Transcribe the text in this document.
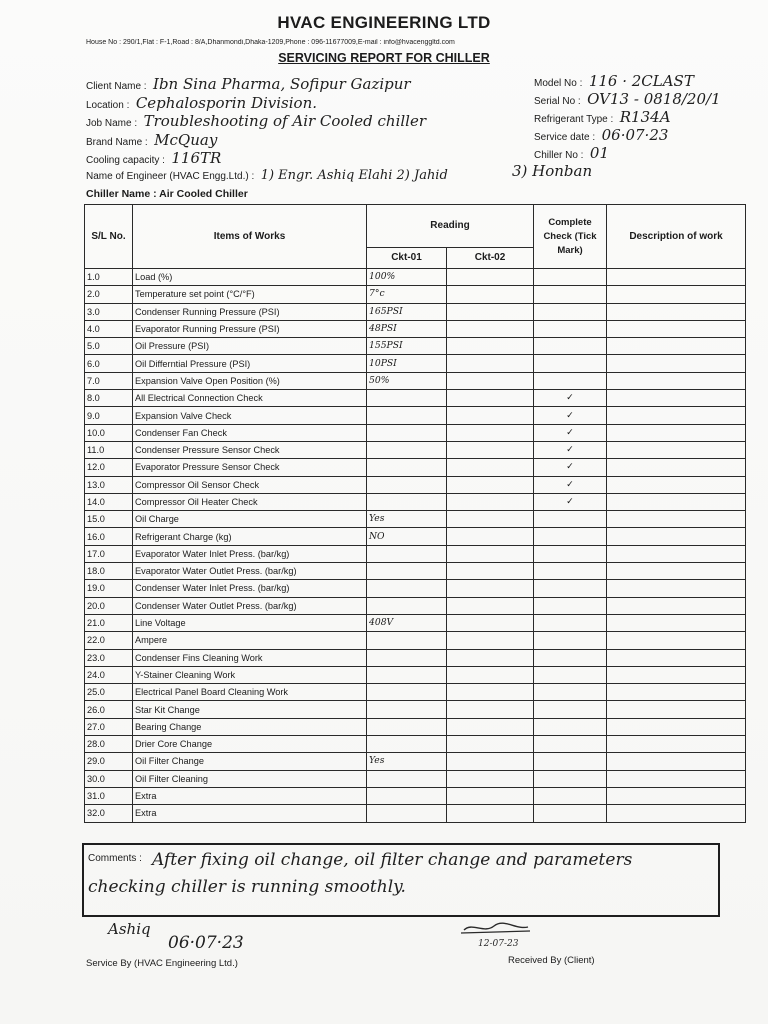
HVAC ENGINEERING LTD
House No : 290/1,Flat : F-1,Road : 8/A,Dhanmondi,Dhaka-1209,Phone : 096-11677009,E-mail : info@hvacenggltd.com
SERVICING REPORT FOR CHILLER
Client Name : Ibn Sina Pharma, Sofipur Gazipur
Location : Cephalosporin Division.
Job Name : Troubleshooting of Air Cooled chiller
Brand Name : McQuay
Cooling capacity : 116TR
Name of Engineer (HVAC Engg.Ltd.) : 1) Engr. Ashiq Elahi 2) Jahid	3) Honban
Chiller Name : Air Cooled Chiller
Model No : 116 · 2CLAST
Serial No : OV13 - 0818/20/1
Refrigerant Type : R134A
Service date : 06·07·23
Chiller No : 01
S/L No.	Items of Works	Reading		Complete Check (Tick Mark)	Description of work
		Ckt-01	Ckt-02		
1.0	Load (%)	100%			
2.0	Temperature set point (°C/°F)	7°c			
3.0	Condenser Running Pressure (PSI)	165PSI			
4.0	Evaporator Running Pressure (PSI)	48PSI			
5.0	Oil Pressure (PSI)	155PSI			
6.0	Oil Differntial Pressure (PSI)	10PSI			
7.0	Expansion Valve Open Position (%)	50%			
8.0	All Electrical Connection Check			✓	
9.0	Expansion Valve Check			✓	
10.0	Condenser Fan Check			✓	
11.0	Condenser Pressure Sensor Check			✓	
12.0	Evaporator Pressure Sensor Check			✓	
13.0	Compressor Oil Sensor Check			✓	
14.0	Compressor Oil Heater Check			✓	
15.0	Oil Charge	Yes			
16.0	Refrigerant Charge (kg)	NO			
17.0	Evaporator Water Inlet Press. (bar/kg)				
18.0	Evaporator Water Outlet Press. (bar/kg)				
19.0	Condenser Water Inlet Press. (bar/kg)				
20.0	Condenser Water Outlet Press. (bar/kg)				
21.0	Line Voltage	408V			
22.0	Ampere				
23.0	Condenser Fins Cleaning Work				
24.0	Y-Stainer Cleaning Work				
25.0	Electrical Panel Board Cleaning Work				
26.0	Star Kit Change				
27.0	Bearing Change				
28.0	Drier Core Change				
29.0	Oil Filter Change	Yes			
30.0	Oil Filter Cleaning				
31.0	Extra				
32.0	Extra				
Comments : After fixing oil change, oil filter change and parameters checking chiller is running smoothly.
Ashiq
06·07·23
Service By (HVAC Engineering Ltd.)
12-07-23
Received By (Client)
